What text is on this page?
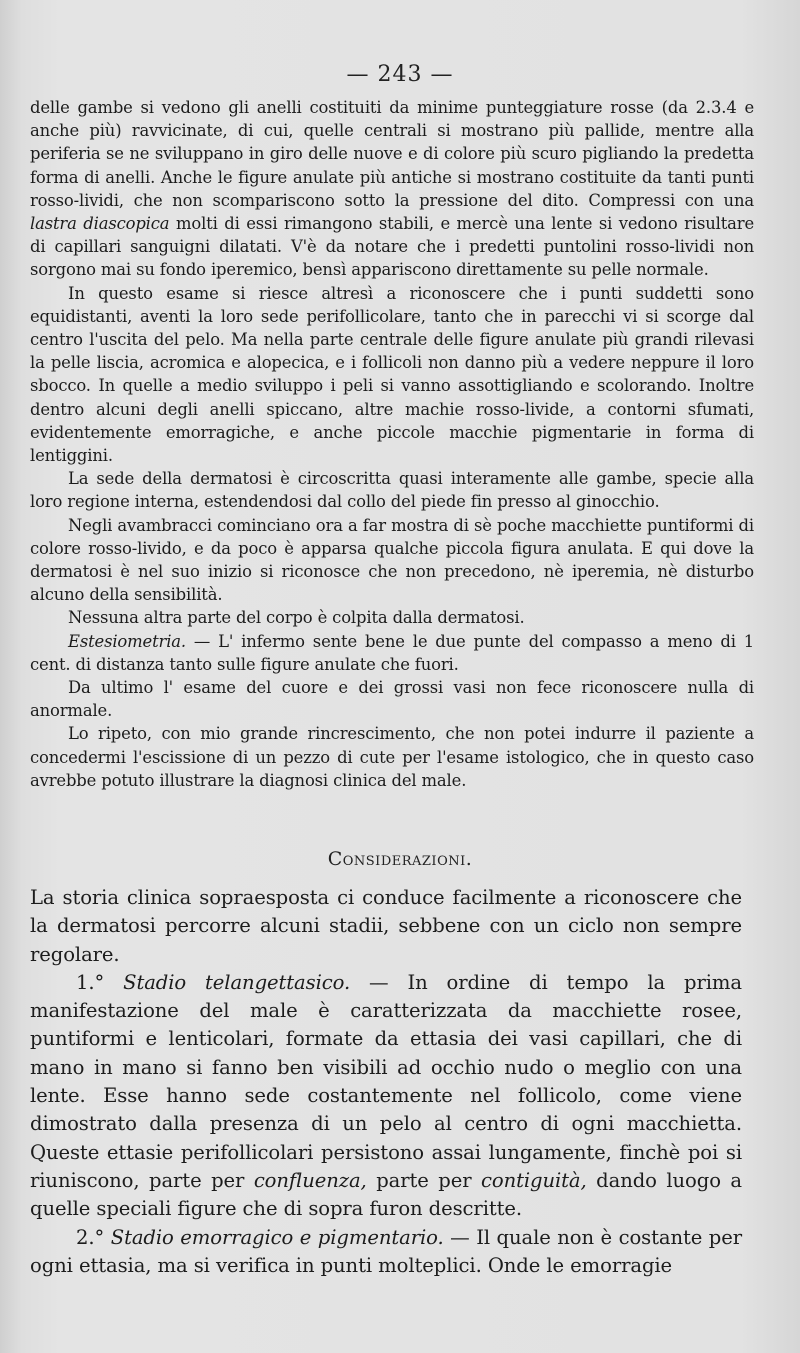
— 243 —

delle gambe si vedono gli anelli costituiti da minime punteggiature rosse (da 2.3.4 e anche più) ravvicinate, di cui, quelle centrali si mostrano più pallide, mentre alla periferia se ne sviluppano in giro delle nuove e di colore più scuro pigliando la predetta forma di anelli. Anche le figure anulate più antiche si mostrano costituite da tanti punti rosso-lividi, che non scompariscono sotto la pressione del dito. Compressi con una lastra diascopica molti di essi rimangono stabili, e mercè una lente si vedono risultare di capillari sanguigni dilatati. V'è da notare che i predetti puntolini rosso-lividi non sorgono mai su fondo iperemico, bensì appariscono direttamente su pelle normale.

In questo esame si riesce altresì a riconoscere che i punti suddetti sono equidistanti, aventi la loro sede perifollicolare, tanto che in parecchi vi si scorge dal centro l'uscita del pelo. Ma nella parte centrale delle figure anulate più grandi rilevasi la pelle liscia, acromica e alopecica, e i follicoli non danno più a vedere neppure il loro sbocco. In quelle a medio sviluppo i peli si vanno assottigliando e scolorando. Inoltre dentro alcuni degli anelli spiccano, altre machie rosso-livide, a contorni sfumati, evidentemente emorragiche, e anche piccole macchie pigmentarie in forma di lentiggini.

La sede della dermatosi è circoscritta quasi interamente alle gambe, specie alla loro regione interna, estendendosi dal collo del piede fin presso al ginocchio.

Negli avambracci cominciano ora a far mostra di sè poche macchiette puntiformi di colore rosso-livido, e da poco è apparsa qualche piccola figura anulata. E qui dove la dermatosi è nel suo inizio si riconosce che non precedono, nè iperemia, nè disturbo alcuno della sensibilità.

Nessuna altra parte del corpo è colpita dalla dermatosi.

Estesiometria. — L' infermo sente bene le due punte del compasso a meno di 1 cent. di distanza tanto sulle figure anulate che fuori.

Da ultimo l' esame del cuore e dei grossi vasi non fece riconoscere nulla di anormale.

Lo ripeto, con mio grande rincrescimento, che non potei indurre il paziente a concedermi l'escissione di un pezzo di cute per l'esame istologico, che in questo caso avrebbe potuto illustrare la diagnosi clinica del male.

Considerazioni.

La storia clinica sopraesposta ci conduce facilmente a riconoscere che la dermatosi percorre alcuni stadii, sebbene con un ciclo non sempre regolare.

1.° Stadio telangettasico. — In ordine di tempo la prima manifestazione del male è caratterizzata da macchiette rosee, puntiformi e lenticolari, formate da ettasia dei vasi capillari, che di mano in mano si fanno ben visibili ad occhio nudo o meglio con una lente. Esse hanno sede costantemente nel follicolo, come viene dimostrato dalla presenza di un pelo al centro di ogni macchietta. Queste ettasie perifollicolari persistono assai lungamente, finchè poi si riuniscono, parte per confluenza, parte per contiguità, dando luogo a quelle speciali figure che di sopra furon descritte.

2.° Stadio emorragico e pigmentario. — Il quale non è costante per ogni ettasia, ma si verifica in punti molteplici. Onde le emorragie
